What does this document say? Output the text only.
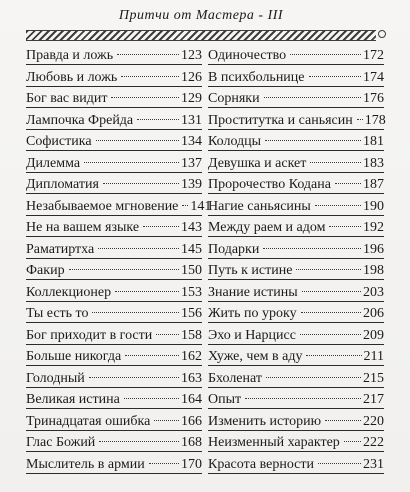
Притчи от Мастера - III
Правда и ложь	123
Любовь и ложь	126
Бог вас видит	129
Лампочка Фрейда	131
Софистика	134
Дилемма	137
Дипломатия	139
Незабываемое мгновение 141
Не на вашем языке	143
Раматиртха	145
Факир	150
Коллекционер	153
Ты есть то	156
Бог приходит в гости 158
Больше никогда	162
Голодный	163
Великая истина	164
Тринадцатая ошибка 166
Глас Божий	168
Мыслитель в армии	170
Одиночество	172
В психбольнице	174
Сорняки	176
Проститутка и саньясин 178
Колодцы	181
Девушка и аскет	183
Пророчество Кодана 187
Нагие саньясины	190
Между раем и адом	192
Подарки	196
Путь к истине	198
Знание истины	203
Жить по уроку	206
Эхо и Нарцисс	209
Хуже, чем в аду	211
Бхоленат	215
Опыт	217
Изменить историю	220
Неизменный характер 222
Красота верности	231
